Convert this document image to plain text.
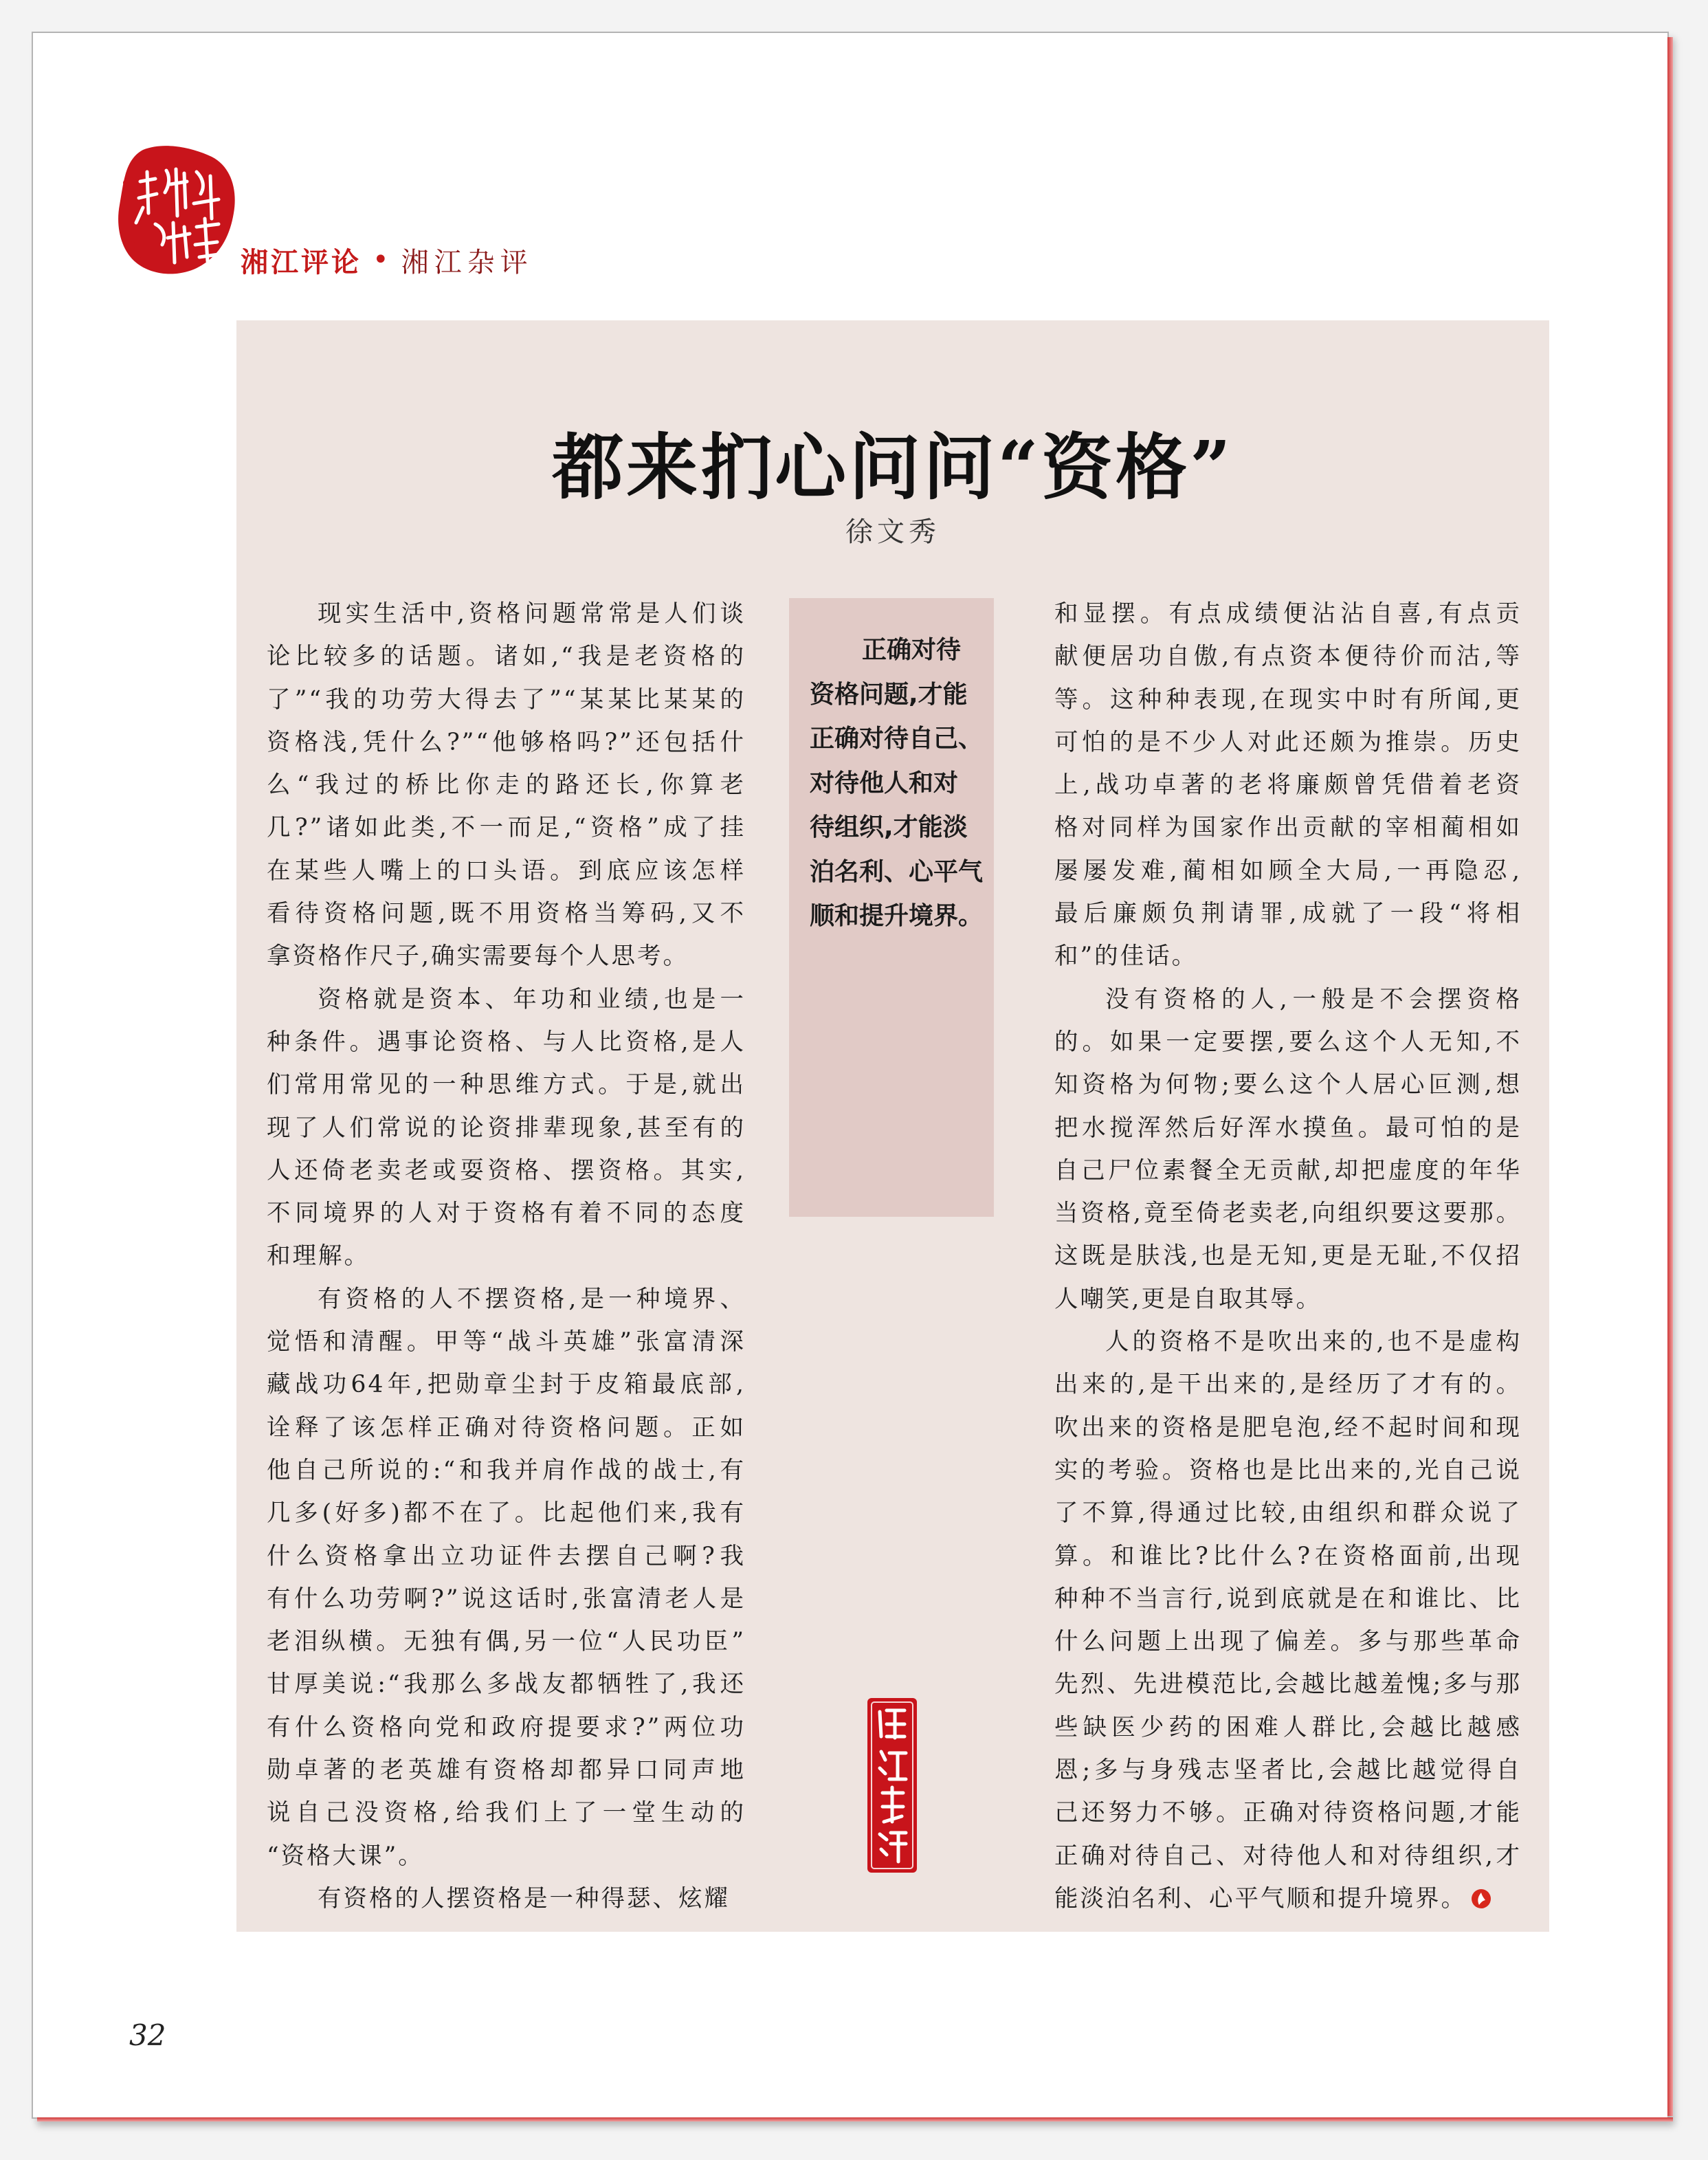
湘江评论 • 湘江杂评
都来扪心问问“资格”
徐文秀
现实生活中,资格问题常常是人们谈
论比较多的话题。诸如,“我是老资格的
了”“我的功劳大得去了”“某某比某某的
资格浅,凭什么?”“他够格吗?”还包括什
么“我过的桥比你走的路还长,你算老
几?”诸如此类,不一而足,“资格”成了挂
在某些人嘴上的口头语。到底应该怎样
看待资格问题,既不用资格当筹码,又不
拿资格作尺子,确实需要每个人思考。
资格就是资本、年功和业绩,也是一
种条件。遇事论资格、与人比资格,是人
们常用常见的一种思维方式。于是,就出
现了人们常说的论资排辈现象,甚至有的
人还倚老卖老或耍资格、摆资格。其实,
不同境界的人对于资格有着不同的态度
和理解。
有资格的人不摆资格,是一种境界、
觉悟和清醒。甲等“战斗英雄”张富清深
藏战功64年,把勋章尘封于皮箱最底部,
诠释了该怎样正确对待资格问题。正如
他自己所说的:“和我并肩作战的战士,有
几多(好多)都不在了。比起他们来,我有
什么资格拿出立功证件去摆自己啊?我
有什么功劳啊?”说这话时,张富清老人是
老泪纵横。无独有偶,另一位“人民功臣”
甘厚美说:“我那么多战友都牺牲了,我还
有什么资格向党和政府提要求?”两位功
勋卓著的老英雄有资格却都异口同声地
说自己没资格,给我们上了一堂生动的
“资格大课”。
有资格的人摆资格是一种得瑟、炫耀
正确对待
资格问题,才能
正确对待自己、
对待他人和对
待组织,才能淡
泊名利、心平气
顺和提升境界。
和显摆。有点成绩便沾沾自喜,有点贡
献便居功自傲,有点资本便待价而沽,等
等。这种种表现,在现实中时有所闻,更
可怕的是不少人对此还颇为推崇。历史
上,战功卓著的老将廉颇曾凭借着老资
格对同样为国家作出贡献的宰相蔺相如
屡屡发难,蔺相如顾全大局,一再隐忍,
最后廉颇负荆请罪,成就了一段“将相
和”的佳话。
没有资格的人,一般是不会摆资格
的。如果一定要摆,要么这个人无知,不
知资格为何物;要么这个人居心叵测,想
把水搅浑然后好浑水摸鱼。最可怕的是
自己尸位素餐全无贡献,却把虚度的年华
当资格,竟至倚老卖老,向组织要这要那。
这既是肤浅,也是无知,更是无耻,不仅招
人嘲笑,更是自取其辱。
人的资格不是吹出来的,也不是虚构
出来的,是干出来的,是经历了才有的。
吹出来的资格是肥皂泡,经不起时间和现
实的考验。资格也是比出来的,光自己说
了不算,得通过比较,由组织和群众说了
算。和谁比?比什么?在资格面前,出现
种种不当言行,说到底就是在和谁比、比
什么问题上出现了偏差。多与那些革命
先烈、先进模范比,会越比越羞愧;多与那
些缺医少药的困难人群比,会越比越感
恩;多与身残志坚者比,会越比越觉得自
己还努力不够。正确对待资格问题,才能
正确对待自己、对待他人和对待组织,才
能淡泊名利、心平气顺和提升境界。
32
